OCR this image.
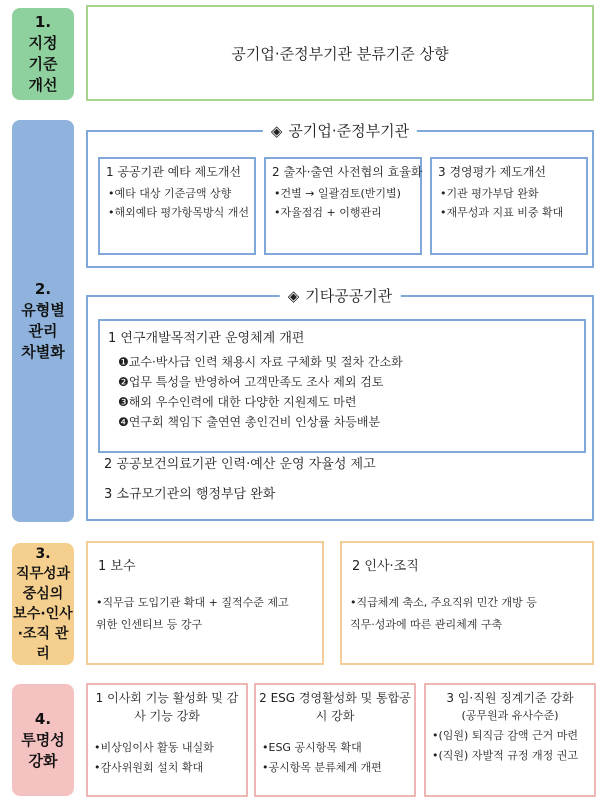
1.
지정
기준
개선
공기업·준정부기관 분류기준 상향
2.
유형별
관리
차별화
◈ 공기업·준정부기관
1 공공기관 예타 제도개선
•예타 대상 기준금액 상향
•해외예타 평가항목방식 개선
2 출자·출연 사전협의 효율화
•건별 → 일괄검토(반기별)
•자율점검 + 이행관리
3 경영평가 제도개선
•기관 평가부담 완화
•재무성과 지표 비중 확대
◈ 기타공공기관
1 연구개발목적기관 운영체계 개편
❶교수·박사급 인력 채용시 자료 구체화 및 절차 간소화
❷업무 특성을 반영하여 고객만족도 조사 제외 검토
❸해외 우수인력에 대한 다양한 지원제도 마련
❹연구회 책임下 출연연 총인건비 인상률 차등배분
2 공공보건의료기관 인력·예산 운영 자율성 제고
3 소규모기관의 행정부담 완화
3.
직무성과
중심의
보수·인사
·조직 관리
1 보수
•직무급 도입기관 확대 + 질적수준 제고
위한 인센티브 등 강구
2 인사·조직
•직급체계 축소, 주요직위 민간 개방 등
직무·성과에 따른 관리체계 구축
4.
투명성
강화
1 이사회 기능 활성화 및 감사 기능 강화
•비상임이사 활동 내실화
•감사위원회 설치 확대
2 ESG 경영활성화 및 통합공시 강화
•ESG 공시항목 확대
•공시항목 분류체계 개편
3 임·직원 징계기준 강화
(공무원과 유사수준)
•(임원) 퇴직금 감액 근거 마련
•(직원) 자발적 규정 개정 권고
